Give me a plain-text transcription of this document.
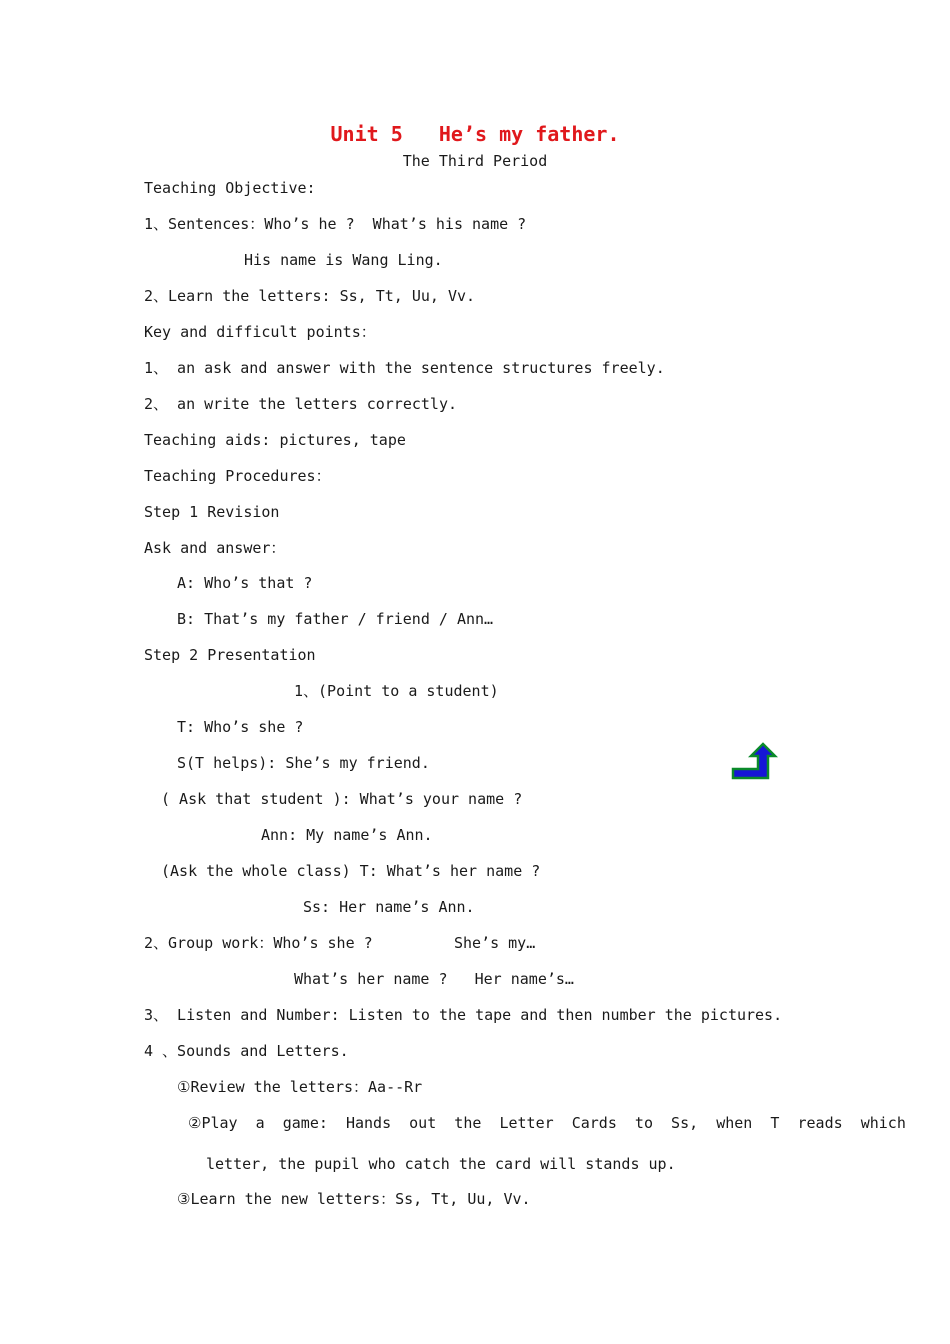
Unit 5   He’s my father.
The Third Period
Teaching Objective:
1、Sentences：Who’s he ?  What’s his name ?
His name is Wang Ling.
2、Learn the letters: Ss, Tt, Uu, Vv.
Key and difficult points：
1、 an ask and answer with the sentence structures freely.
2、 an write the letters correctly.
Teaching aids: pictures, tape
Teaching Procedures：
Step 1 Revision
Ask and answer：
A: Who’s that ?
B: That’s my father / friend / Ann…
Step 2 Presentation
1、(Point to a student)
T: Who’s she ?
S(T helps): She’s my friend.
( Ask that student ): What’s your name ?
Ann: My name’s Ann.
(Ask the whole class) T: What’s her name ?
Ss: Her name’s Ann.
2、Group work：Who’s she ?         She’s my…
What’s her name ?   Her name’s…
3、 Listen and Number: Listen to the tape and then number the pictures.
4 、Sounds and Letters.
①Review the letters：Aa--Rr
②Play  a  game:  Hands  out  the  Letter  Cards  to  Ss,  when  T  reads  which
letter, the pupil who catch the card will stands up.
③Learn the new letters：Ss, Tt, Uu, Vv.
